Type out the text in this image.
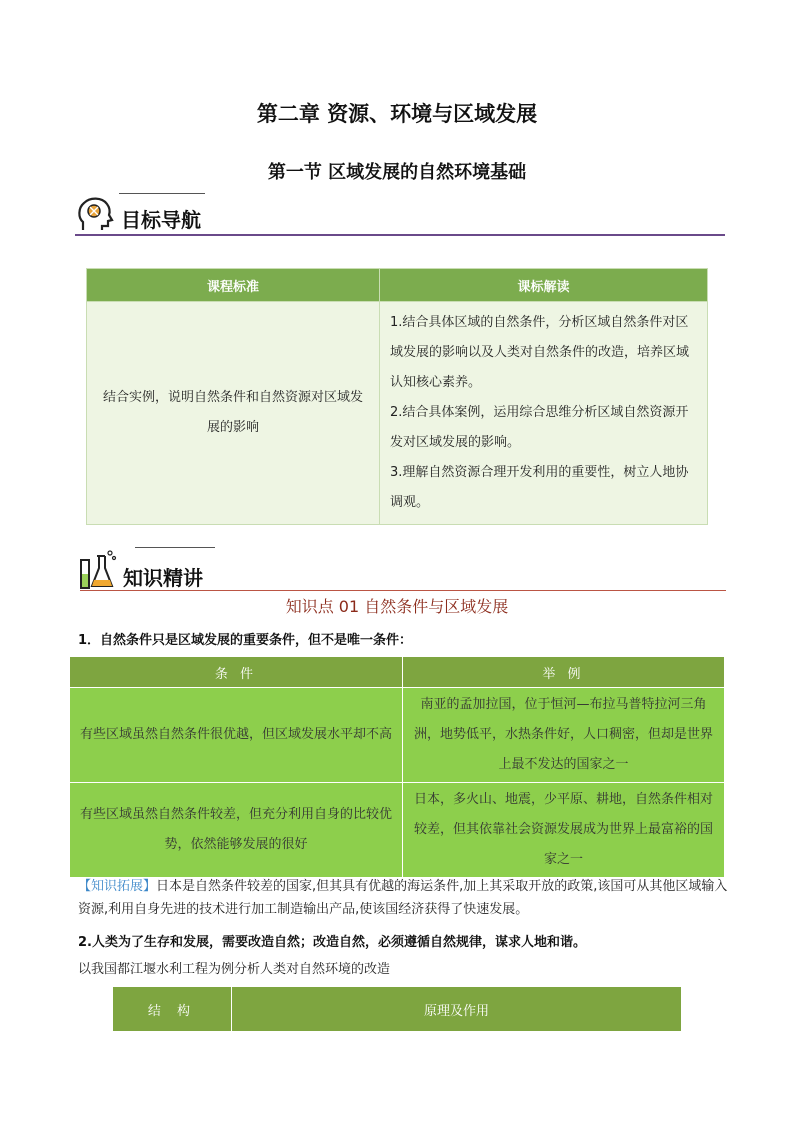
第二章 资源、环境与区域发展
第一节 区域发展的自然环境基础
目标导航
课程标准	课标解读
结合实例，说明自然条件和自然资源对区域发展的影响	1.结合具体区域的自然条件，分析区域自然条件对区域发展的影响以及人类对自然条件的改造，培养区域认知核心素养。
2.结合具体案例，运用综合思维分析区域自然资源开发对区域发展的影响。
3.理解自然资源合理开发利用的重要性，树立人地协调观。
知识精讲
知识点 01 自然条件与区域发展
1．自然条件只是区域发展的重要条件，但不是唯一条件：
条 件	举 例
有些区域虽然自然条件很优越，但区域发展水平却不高	南亚的孟加拉国，位于恒河—布拉马普特拉河三角洲，地势低平，水热条件好，人口稠密，但却是世界上最不发达的国家之一
有些区域虽然自然条件较差，但充分利用自身的比较优势，依然能够发展的很好	日本，多火山、地震，少平原、耕地，自然条件相对较差，但其依靠社会资源发展成为世界上最富裕的国家之一
【知识拓展】日本是自然条件较差的国家,但其具有优越的海运条件,加上其采取开放的政策,该国可从其他区域输入资源,利用自身先进的技术进行加工制造输出产品,使该国经济获得了快速发展。
2.人类为了生存和发展，需要改造自然；改造自然，必须遵循自然规律，谋求人地和谐。
以我国都江堰水利工程为例分析人类对自然环境的改造
结 构	原理及作用
